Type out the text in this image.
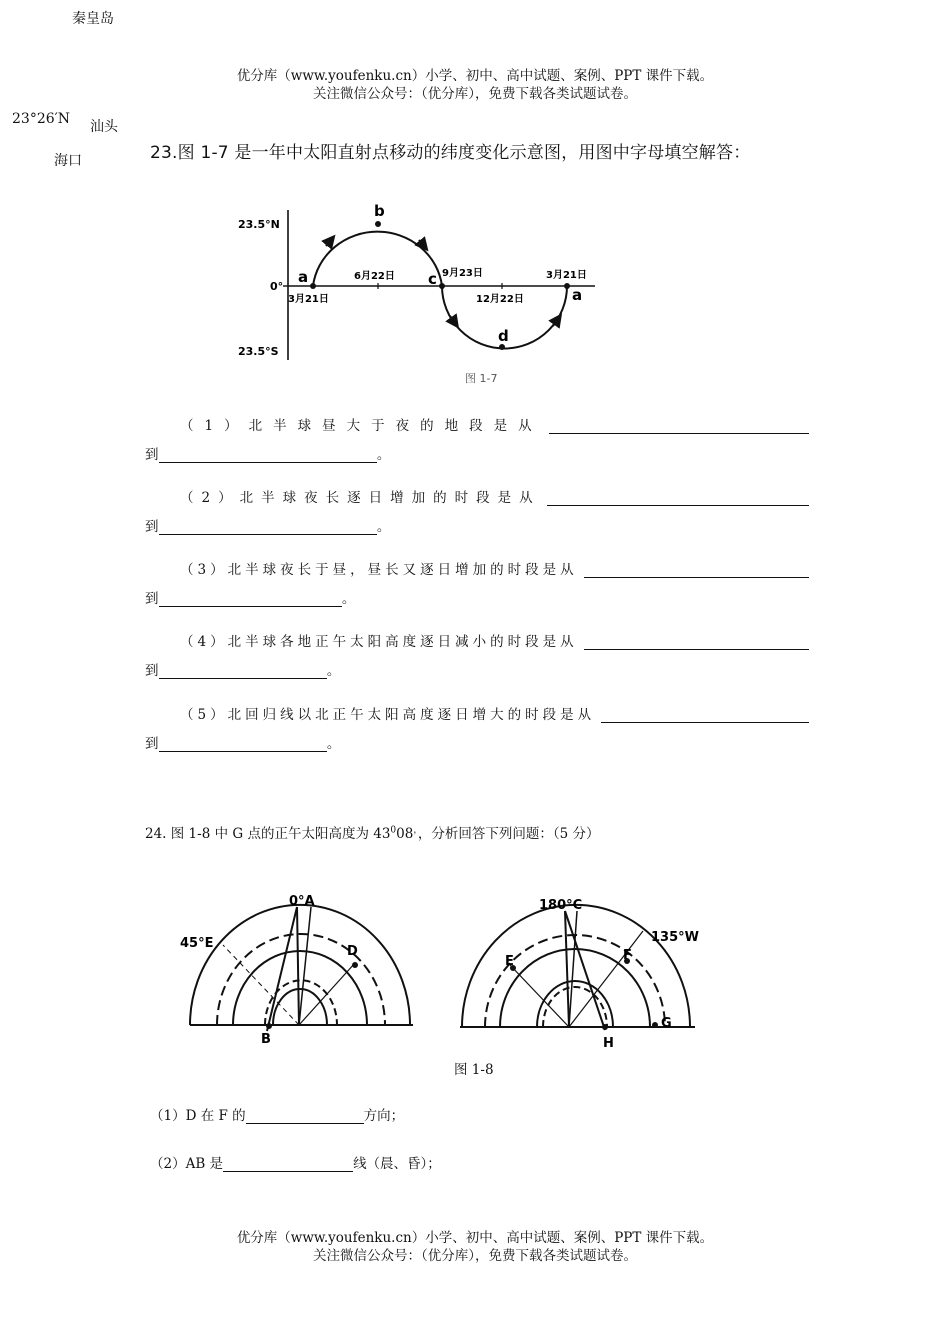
秦皇岛
23°26′N 汕头
海口
优分库（www.youfenku.cn）小学、初中、高中试题、案例、PPT 课件下载。
关注微信公众号：（优分库），免费下载各类试题试卷。
23.图 1-7 是一年中太阳直射点移动的纬度变化示意图，用图中字母填空解答：
23.5°N
0°
23.5°S
a
b
c
d
a
3月21日
6月22日	9月23日
12月22日
3月21日
图 1-7
（1）北半球昼大于夜的地段是从
到	。
（2）北半球夜长逐日增加的时段是从
到	。
（3）北半球夜长于昼，昼长又逐日增加的时段是从
到	。
（4）北半球各地正午太阳高度逐日减小的时段是从
到	。
（5）北回归线以北正午太阳高度逐日增大的时段是从
到	。
24. 图 1-8 中 G 点的正午太阳高度为 $43^008^,$，分析回答下列问题：（5 分）
0°A
45°E
D
B
180°C
135°W
E	F
G
H
图 1-8
（1）D 在 F 的	方向；
（2）AB 是	线（晨、昏）；
优分库（www.youfenku.cn）小学、初中、高中试题、案例、PPT 课件下载。
关注微信公众号：（优分库），免费下载各类试题试卷。
